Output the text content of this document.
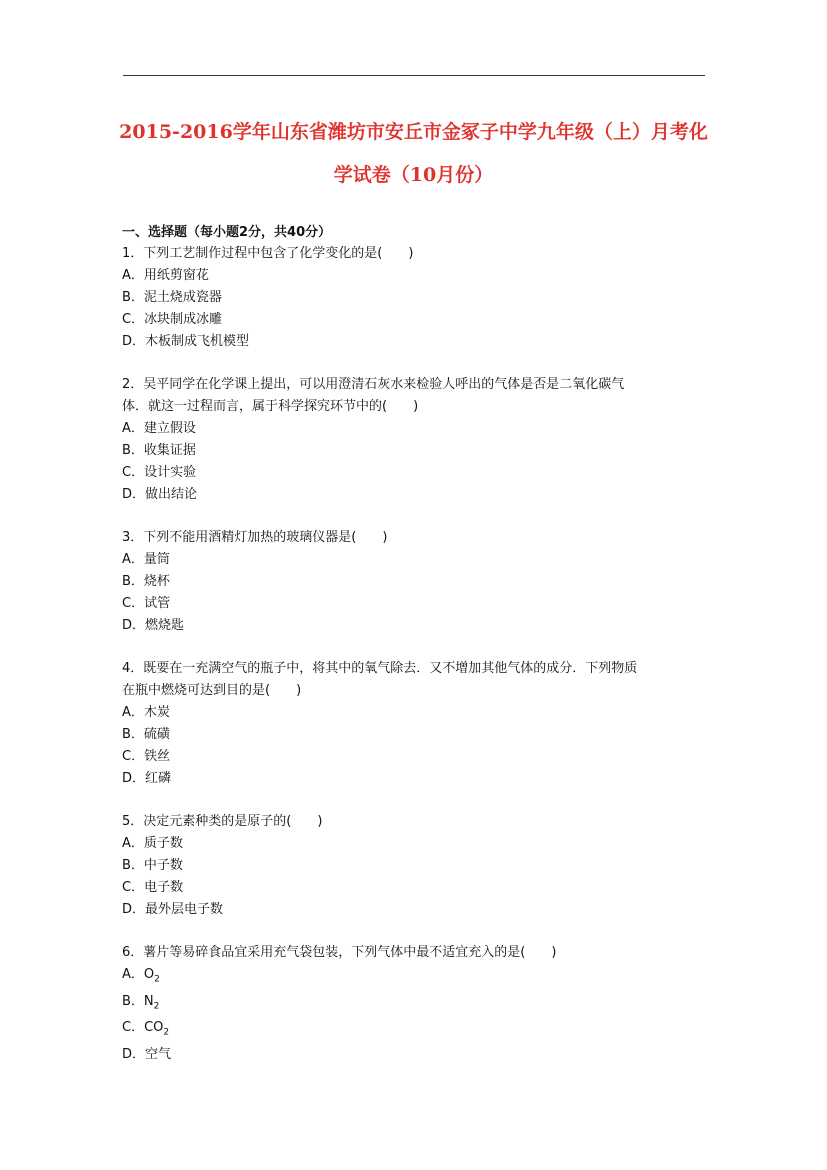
2015-2016学年山东省潍坊市安丘市金冢子中学九年级（上）月考化
学试卷（10月份）
一、选择题（每小题2分，共40分）
1．下列工艺制作过程中包含了化学变化的是(　　)
A．用纸剪窗花
B．泥土烧成瓷器
C．冰块制成冰雕
D．木板制成飞机模型
2．吴平同学在化学课上提出，可以用澄清石灰水来检验人呼出的气体是否是二氧化碳气
体．就这一过程而言，属于科学探究环节中的(　　)
A．建立假设
B．收集证据
C．设计实验
D．做出结论
3．下列不能用酒精灯加热的玻璃仪器是(　　)
A．量筒
B．烧杯
C．试管
D．燃烧匙
4．既要在一充满空气的瓶子中，将其中的氧气除去．又不增加其他气体的成分．下列物质
在瓶中燃烧可达到目的是(　　)
A．木炭
B．硫磺
C．铁丝
D．红磷
5．决定元素种类的是原子的(　　)
A．质子数
B．中子数
C．电子数
D．最外层电子数
6．薯片等易碎食品宜采用充气袋包装，下列气体中最不适宜充入的是(　　)
A．$O_2$
B．$N_2$
C．$CO_2$
D．空气
